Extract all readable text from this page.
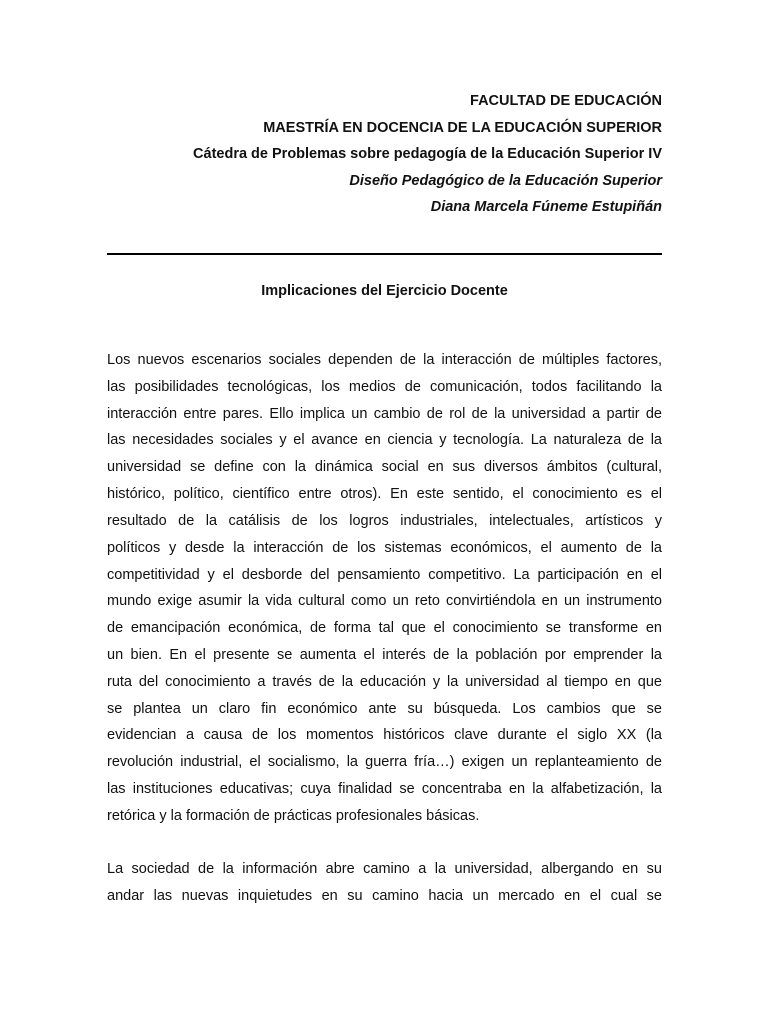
FACULTAD DE EDUCACIÓN
MAESTRÍA EN DOCENCIA DE LA EDUCACIÓN SUPERIOR
Cátedra de Problemas sobre pedagogía de la Educación Superior IV
Diseño Pedagógico de la Educación Superior
Diana Marcela Fúneme Estupiñán
Implicaciones del Ejercicio Docente
Los nuevos escenarios sociales dependen de la interacción de múltiples factores,
las posibilidades tecnológicas, los medios de comunicación, todos facilitando la
interacción entre pares. Ello implica un cambio de rol de la universidad a partir de
las necesidades sociales y el avance en ciencia y tecnología. La naturaleza de la
universidad se define con la dinámica social en sus diversos ámbitos (cultural,
histórico, político, científico entre otros). En este sentido, el conocimiento es el
resultado de la catálisis de los logros industriales, intelectuales, artísticos y
políticos y desde la interacción de los sistemas económicos, el aumento de la
competitividad y el desborde del pensamiento competitivo. La participación en el
mundo exige asumir la vida cultural como un reto convirtiéndola en un instrumento
de emancipación económica, de forma tal que el conocimiento se transforme en
un bien. En el presente se aumenta el interés de la población por emprender la
ruta del conocimiento a través de la educación y la universidad al tiempo en que
se plantea un claro fin económico ante su búsqueda. Los cambios que se
evidencian a causa de los momentos históricos clave durante el siglo XX (la
revolución industrial, el socialismo, la guerra fría…) exigen un replanteamiento de
las instituciones educativas; cuya finalidad se concentraba en la alfabetización, la
retórica y la formación de prácticas profesionales básicas.
La sociedad de la información abre camino a la universidad, albergando en su
andar las nuevas inquietudes en su camino hacia un mercado en el cual se
